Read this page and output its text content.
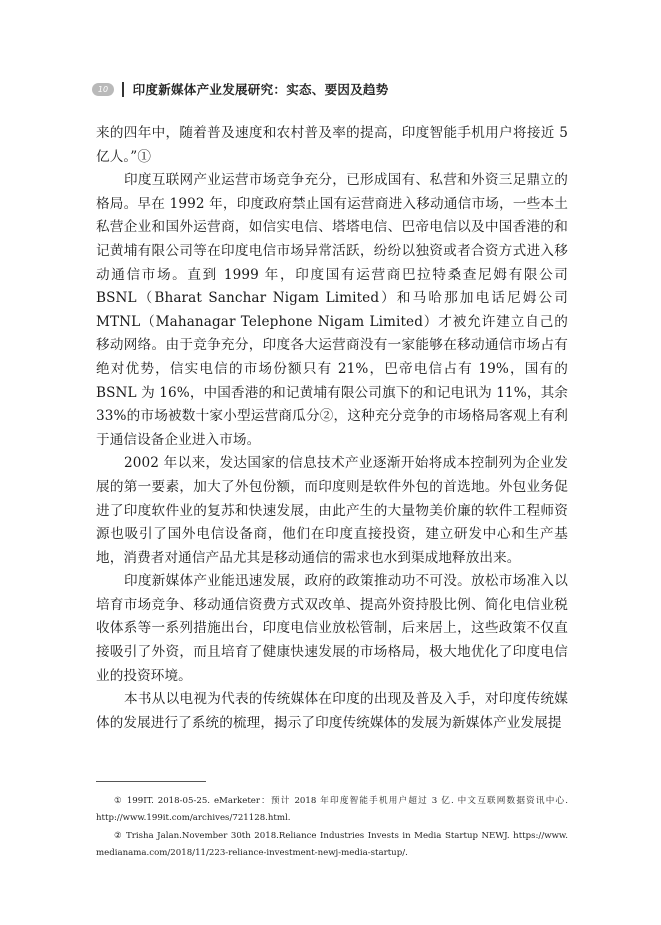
10	印度新媒体产业发展研究：实态、要因及趋势

来的四年中，随着普及速度和农村普及率的提高，印度智能手机用户将接近 5 亿人。”①

印度互联网产业运营市场竞争充分，已形成国有、私营和外资三足鼎立的格局。早在 1992 年，印度政府禁止国有运营商进入移动通信市场，一些本土私营企业和国外运营商，如信实电信、塔塔电信、巴帝电信以及中国香港的和记黄埔有限公司等在印度电信市场异常活跃，纷纷以独资或者合资方式进入移动通信市场。直到 1999 年，印度国有运营商巴拉特桑查尼姆有限公司 BSNL（Bharat Sanchar Nigam Limited）和马哈那加电话尼姆公司 MTNL（Mahanagar Telephone Nigam Limited）才被允许建立自己的移动网络。由于竞争充分，印度各大运营商没有一家能够在移动通信市场占有绝对优势，信实电信的市场份额只有 21%，巴帝电信占有 19%，国有的 BSNL 为 16%，中国香港的和记黄埔有限公司旗下的和记电讯为 11%，其余 33%的市场被数十家小型运营商瓜分②，这种充分竞争的市场格局客观上有利于通信设备企业进入市场。

2002 年以来，发达国家的信息技术产业逐渐开始将成本控制列为企业发展的第一要素，加大了外包份额，而印度则是软件外包的首选地。外包业务促进了印度软件业的复苏和快速发展，由此产生的大量物美价廉的软件工程师资源也吸引了国外电信设备商，他们在印度直接投资，建立研发中心和生产基地，消费者对通信产品尤其是移动通信的需求也水到渠成地释放出来。

印度新媒体产业能迅速发展，政府的政策推动功不可没。放松市场准入以培育市场竞争、移动通信资费方式双改单、提高外资持股比例、简化电信业税收体系等一系列措施出台，印度电信业放松管制，后来居上，这些政策不仅直接吸引了外资，而且培育了健康快速发展的市场格局，极大地优化了印度电信业的投资环境。

本书从以电视为代表的传统媒体在印度的出现及普及入手，对印度传统媒体的发展进行了系统的梳理，揭示了印度传统媒体的发展为新媒体产业发展提

① 199IT. 2018-05-25. eMarketer：预计 2018 年印度智能手机用户超过 3 亿. 中文互联网数据资讯中心. http://www.199it.com/archives/721128.html.

② Trisha Jalan.November 30th 2018.Reliance Industries Invests in Media Startup NEWJ. https://www. medianama.com/2018/11/223-reliance-investment-newj-media-startup/.
